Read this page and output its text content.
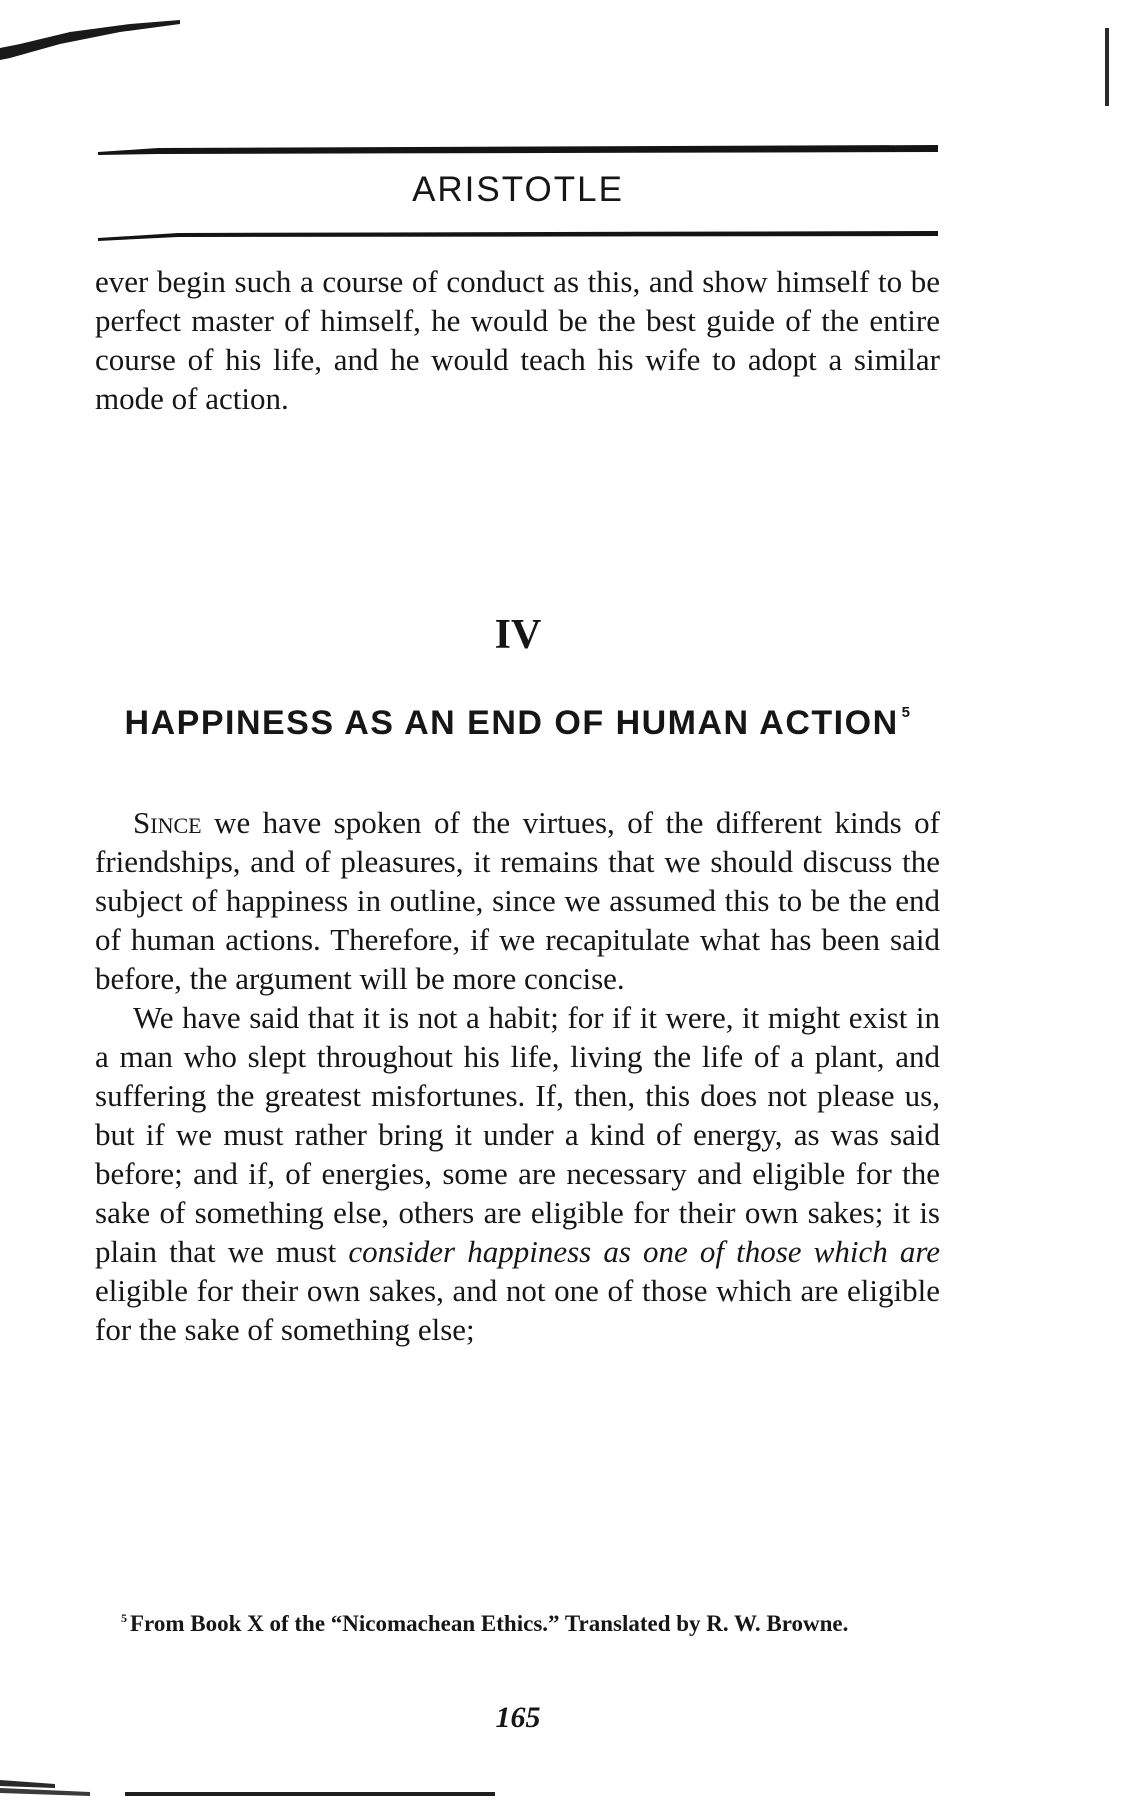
ARISTOTLE

ever begin such a course of conduct as this, and show himself to be perfect master of himself, he would be the best guide of the entire course of his life, and he would teach his wife to adopt a similar mode of action.

IV
HAPPINESS AS AN END OF HUMAN ACTION $^5$

Since we have spoken of the virtues, of the different kinds of friendships, and of pleasures, it remains that we should discuss the subject of happiness in outline, since we assumed this to be the end of human actions. Therefore, if we recapitulate what has been said before, the argument will be more concise.

We have said that it is not a habit; for if it were, it might exist in a man who slept throughout his life, living the life of a plant, and suffering the greatest misfortunes. If, then, this does not please us, but if we must rather bring it under a kind of energy, as was said before; and if, of energies, some are necessary and eligible for the sake of something else, others are eligible for their own sakes; it is plain that we must consider happiness as one of those which are eligible for their own sakes, and not one of those which are eligible for the sake of something else;

$^5$ From Book X of the “Nicomachean Ethics.” Translated by R. W. Browne.

165
